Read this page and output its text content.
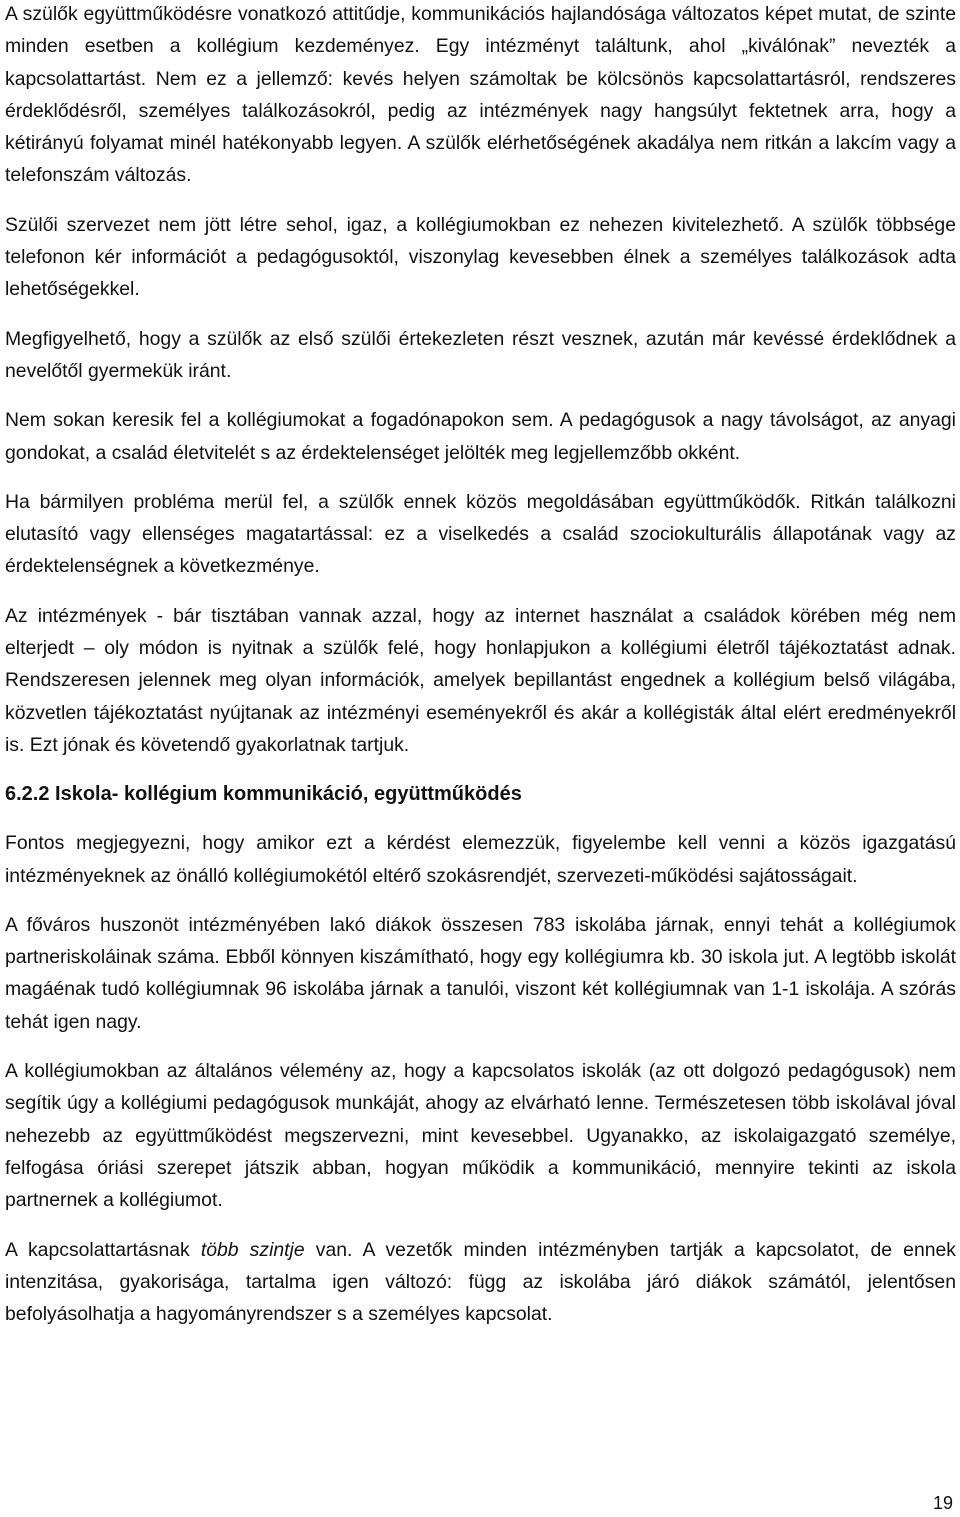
A szülők együttműködésre vonatkozó attitűdje, kommunikációs hajlandósága változatos képet mutat, de szinte minden esetben a kollégium kezdeményez. Egy intézményt találtunk, ahol „kiválónak” nevezték a kapcsolattartást. Nem ez a jellemző: kevés helyen számoltak be kölcsönös kapcsolattartásról, rendszeres érdeklődésről, személyes találkozásokról, pedig az intézmények nagy hangsúlyt fektetnek arra, hogy a kétirányú folyamat minél hatékonyabb legyen. A szülők elérhetőségének akadálya nem ritkán a lakcím vagy a telefonszám változás.

Szülői szervezet nem jött létre sehol, igaz, a kollégiumokban ez nehezen kivitelezhető. A szülők többsége telefonon kér információt a pedagógusoktól, viszonylag kevesebben élnek a személyes találkozások adta lehetőségekkel.

Megfigyelhető, hogy a szülők az első szülői értekezleten részt vesznek, azután már kevéssé érdeklődnek a nevelőtől gyermekük iránt.

Nem sokan keresik fel a kollégiumokat a fogadónapokon sem. A pedagógusok a nagy távolságot, az anyagi gondokat, a család életvitelét s az érdektelenséget jelölték meg legjellemzőbb okként.

Ha bármilyen probléma merül fel, a szülők ennek közös megoldásában együttműködők. Ritkán találkozni elutasító vagy ellenséges magatartással: ez a viselkedés a család szociokulturális állapotának vagy az érdektelenségnek a következménye.

Az intézmények - bár tisztában vannak azzal, hogy az internet használat a családok körében még nem elterjedt – oly módon is nyitnak a szülők felé, hogy honlapjukon a kollégiumi életről tájékoztatást adnak. Rendszeresen jelennek meg olyan információk, amelyek bepillantást engednek a kollégium belső világába, közvetlen tájékoztatást nyújtanak az intézményi eseményekről és akár a kollégisták által elért eredményekről is. Ezt jónak és követendő gyakorlatnak tartjuk.

6.2.2 Iskola- kollégium kommunikáció, együttműködés

Fontos megjegyezni, hogy amikor ezt a kérdést elemezzük, figyelembe kell venni a közös igazgatású intézményeknek az önálló kollégiumokétól eltérő szokásrendjét, szervezeti-működési sajátosságait.

A főváros huszonöt intézményében lakó diákok összesen 783 iskolába járnak, ennyi tehát a kollégiumok partneriskoláinak száma. Ebből könnyen kiszámítható, hogy egy kollégiumra kb. 30 iskola jut. A legtöbb iskolát magáénak tudó kollégiumnak 96 iskolába járnak a tanulói, viszont két kollégiumnak van 1-1 iskolája. A szórás tehát igen nagy.

A kollégiumokban az általános vélemény az, hogy a kapcsolatos iskolák (az ott dolgozó pedagógusok) nem segítik úgy a kollégiumi pedagógusok munkáját, ahogy az elvárható lenne. Természetesen több iskolával jóval nehezebb az együttműködést megszervezni, mint kevesebbel. Ugyanakko, az iskolaigazgató személye, felfogása óriási szerepet játszik abban, hogyan működik a kommunikáció, mennyire tekinti az iskola partnernek a kollégiumot.

A kapcsolattartásnak több szintje van. A vezetők minden intézményben tartják a kapcsolatot, de ennek intenzitása, gyakorisága, tartalma igen változó: függ az iskolába járó diákok számától, jelentősen befolyásolhatja a hagyományrendszer s a személyes kapcsolat.

19
